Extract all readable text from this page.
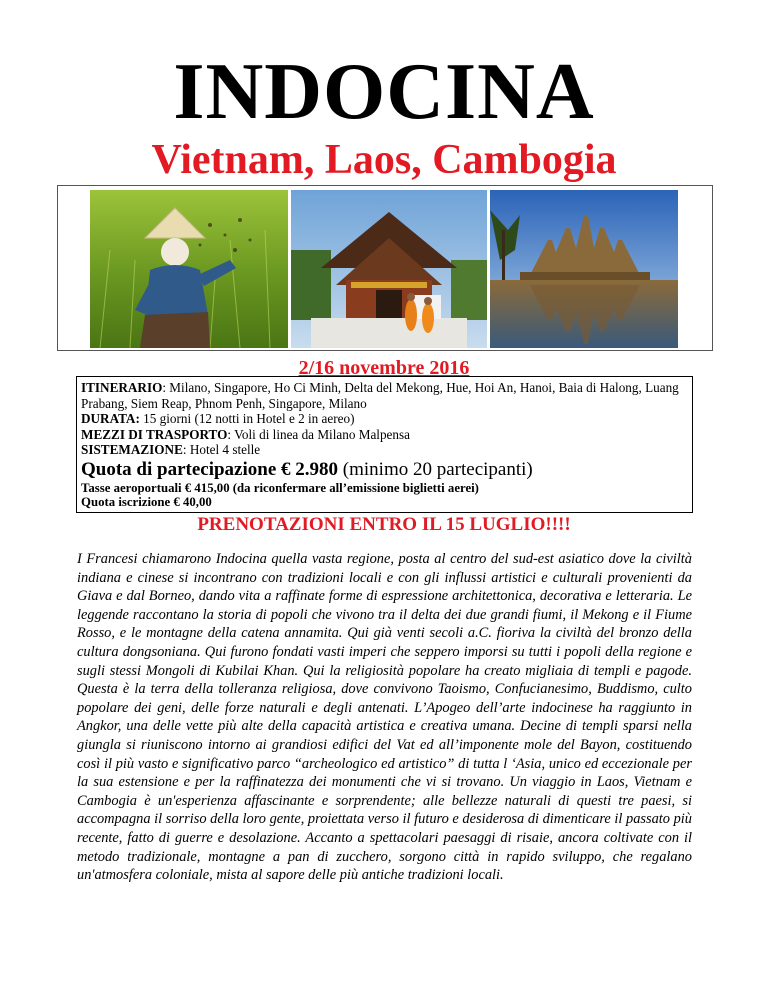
INDOCINA
Vietnam, Laos, Cambogia
2/16 novembre 2016
ITINERARIO: Milano, Singapore, Ho Ci Minh, Delta del Mekong, Hue, Hoi An, Hanoi, Baia di Halong, Luang Prabang, Siem Reap, Phnom Penh, Singapore, Milano
DURATA: 15 giorni (12 notti in Hotel e 2 in aereo)
MEZZI DI TRASPORTO: Voli di linea da Milano Malpensa
SISTEMAZIONE: Hotel 4 stelle
Quota di partecipazione € 2.980 (minimo 20 partecipanti)
Tasse aeroportuali € 415,00 (da riconfermare all’emissione biglietti aerei)
Quota iscrizione € 40,00
PRENOTAZIONI ENTRO IL 15 LUGLIO!!!!
I Francesi chiamarono Indocina quella vasta regione, posta al centro del sud-est asiatico dove la civiltà indiana e cinese si incontrano con tradizioni locali e con gli influssi artistici e culturali provenienti da Giava e dal Borneo, dando vita a raffinate forme di espressione architettonica, decorativa e letteraria. Le leggende raccontano la storia di popoli che vivono tra il delta dei due grandi fiumi, il Mekong e il Fiume Rosso, e le montagne della catena annamita. Qui già venti secoli a.C. fioriva la civiltà del bronzo della cultura dongsoniana. Qui furono fondati vasti imperi che seppero imporsi su tutti i popoli della regione e sugli stessi Mongoli di Kubilai Khan. Qui la religiosità popolare ha creato migliaia di templi e pagode. Questa è la terra della tolleranza religiosa, dove convivono Taoismo, Confucianesimo, Buddismo, culto popolare dei geni, delle forze naturali e degli antenati. L’Apogeo dell’arte indocinese ha raggiunto in Angkor, una delle vette più alte della capacità artistica e creativa umana. Decine di templi sparsi nella giungla si riuniscono intorno ai grandiosi edifici del Vat ed all’imponente mole del Bayon, costituendo così il più vasto e significativo parco “archeologico ed artistico” di tutta l ‘Asia, unico ed eccezionale per la sua estensione e per la raffinatezza dei monumenti che vi si trovano. Un viaggio in Laos, Vietnam e Cambogia è un'esperienza affascinante e sorprendente; alle bellezze naturali di questi tre paesi, si accompagna il sorriso della loro gente, proiettata verso il futuro e desiderosa di dimenticare il passato più recente, fatto di guerre e desolazione. Accanto a spettacolari paesaggi di risaie, ancora coltivate con il metodo tradizionale, montagne a pan di zucchero, sorgono città in rapido sviluppo, che regalano un'atmosfera coloniale, mista al sapore delle più antiche tradizioni locali.
